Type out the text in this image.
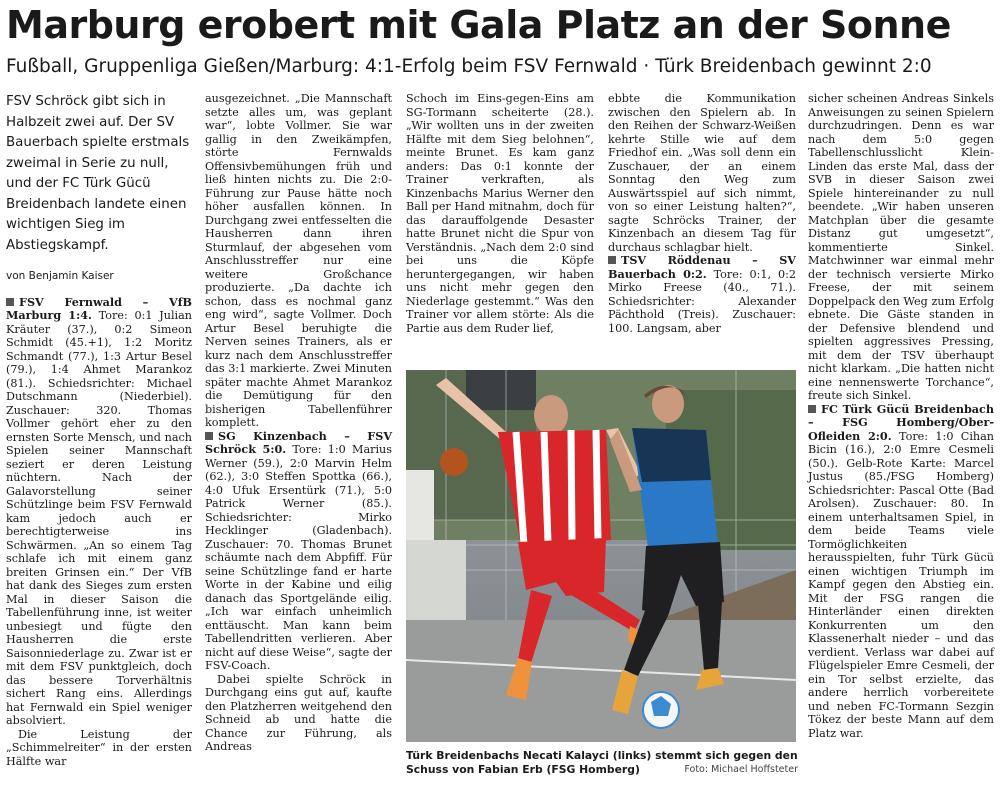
Marburg erobert mit Gala Platz an der Sonne
Fußball, Gruppenliga Gießen/Marburg: 4:1-Erfolg beim FSV Fernwald · Türk Breidenbach gewinnt 2:0

FSV Schröck gibt sich in Halbzeit zwei auf. Der SV Bauerbach spielte erstmals zweimal in Serie zu null, und der FC Türk Gücü Breidenbach landete einen wichtigen Sieg im Abstiegskampf.

von Benjamin Kaiser

FSV Fernwald – VfB Marburg 1:4. Tore: 0:1 Julian Kräuter (37.), 0:2 Simeon Schmidt (45.+1), 1:2 Moritz Schmandt (77.), 1:3 Artur Besel (79.), 1:4 Ahmet Marankoz (81.). Schiedsrichter: Michael Dutschmann (Niederbiel). Zuschauer: 320. Thomas Vollmer gehört eher zu den ernsten Sorte Mensch, und nach Spielen seiner Mannschaft seziert er deren Leistung nüchtern. Nach der Galavorstellung seiner Schützlinge beim FSV Fernwald kam jedoch auch er berechtigterweise ins Schwärmen. „An so einem Tag schlafe ich mit einem ganz breiten Grinsen ein.“ Der VfB hat dank des Sieges zum ersten Mal in dieser Saison die Tabellenführung inne, ist weiter unbesiegt und fügte den Hausherren die erste Saisonniederlage zu. Zwar ist er mit dem FSV punktgleich, doch das bessere Torverhältnis sichert Rang eins. Allerdings hat Fernwald ein Spiel weniger absolviert.

Die Leistung der „Schimmelreiter“ in der ersten Hälfte war

ausgezeichnet. „Die Mannschaft setzte alles um, was geplant war“, lobte Vollmer. Sie war gallig in den Zweikämpfen, störte Fernwalds Offensivbemühungen früh und ließ hinten nichts zu. Die 2:0-Führung zur Pause hätte noch höher ausfallen können. In Durchgang zwei entfesselten die Hausherren dann ihren Sturmlauf, der abgesehen vom Anschlusstreffer nur eine weitere Großchance produzierte. „Da dachte ich schon, dass es nochmal ganz eng wird“, sagte Vollmer. Doch Artur Besel beruhigte die Nerven seines Trainers, als er kurz nach dem Anschlusstreffer das 3:1 markierte. Zwei Minuten später machte Ahmet Marankoz die Demütigung für den bisherigen Tabellenführer komplett.

SG Kinzenbach – FSV Schröck 5:0. Tore: 1:0 Marius Werner (59.), 2:0 Marvin Helm (62.), 3:0 Steffen Spottka (66.), 4:0 Ufuk Ersentürk (71.), 5:0 Patrick Werner (85.). Schiedsrichter: Mirko Hecklinger (Gladenbach). Zuschauer: 70. Thomas Brunet schäumte nach dem Abpfiff. Für seine Schützlinge fand er harte Worte in der Kabine und eilig danach das Sportgelände eilig. „Ich war einfach unheimlich enttäuscht. Man kann beim Tabellendritten verlieren. Aber nicht auf diese Weise“, sagte der FSV-Coach.

Dabei spielte Schröck in Durchgang eins gut auf, kaufte den Platzherren weitgehend den Schneid ab und hatte die Chance zur Führung, als Andreas

Schoch im Eins-gegen-Eins am SG-Tormann scheiterte (28.). „Wir wollten uns in der zweiten Hälfte mit dem Sieg belohnen“, meinte Brunet. Es kam ganz anders: Das 0:1 konnte der Trainer verkraften, als Kinzenbachs Marius Werner den Ball per Hand mitnahm, doch für das darauffolgende Desaster hatte Brunet nicht die Spur von Verständnis. „Nach dem 2:0 sind bei uns die Köpfe heruntergegangen, wir haben uns nicht mehr gegen den Niederlage gestemmt.“ Was den Trainer vor allem störte: Als die Partie aus dem Ruder lief,

ebbte die Kommunikation zwischen den Spielern ab. In den Reihen der Schwarz-Weißen kehrte Stille wie auf dem Friedhof ein. „Was soll denn ein Zuschauer, der an einem Sonntag den Weg zum Auswärtsspiel auf sich nimmt, von so einer Leistung halten?“, sagte Schröcks Trainer, der Kinzenbach an diesem Tag für durchaus schlagbar hielt.

TSV Röddenau – SV Bauerbach 0:2. Tore: 0:1, 0:2 Mirko Freese (40., 71.). Schiedsrichter: Alexander Pächthold (Treis). Zuschauer: 100. Langsam, aber

sicher scheinen Andreas Sinkels Anweisungen zu seinen Spielern durchzudringen. Denn es war nach dem 5:0 gegen Tabellenschlusslicht Klein-Linden das erste Mal, dass der SVB in dieser Saison zwei Spiele hintereinander zu null beendete. „Wir haben unseren Matchplan über die gesamte Distanz gut umgesetzt“, kommentierte Sinkel. Matchwinner war einmal mehr der technisch versierte Mirko Freese, der mit seinem Doppelpack den Weg zum Erfolg ebnete. Die Gäste standen in der Defensive blendend und spielten aggressives Pressing, mit dem der TSV überhaupt nicht klarkam. „Die hatten nicht eine nennenswerte Torchance“, freute sich Sinkel.

FC Türk Gücü Breidenbach – FSG Homberg/Ober-Ofleiden 2:0. Tore: 1:0 Cihan Bicin (16.), 2:0 Emre Cesmeli (50.). Gelb-Rote Karte: Marcel Justus (85./FSG Homberg) Schiedsrichter: Pascal Otte (Bad Arolsen). Zuschauer: 80. In einem unterhaltsamen Spiel, in dem beide Teams viele Tormöglichkeiten herausspielten, fuhr Türk Gücü einen wichtigen Triumph im Kampf gegen den Abstieg ein. Mit der FSG rangen die Hinterländer einen direkten Konkurrenten um den Klassenerhalt nieder – und das verdient. Verlass war dabei auf Flügelspieler Emre Cesmeli, der ein Tor selbst erzielte, das andere herrlich vorbereitete und neben FC-Tormann Sezgin Tökez der beste Mann auf dem Platz war.

Türk Breidenbachs Necati Kalayci (links) stemmt sich gegen den Schuss von Fabian Erb (FSG Homberg)	Foto: Michael Hoffsteter
